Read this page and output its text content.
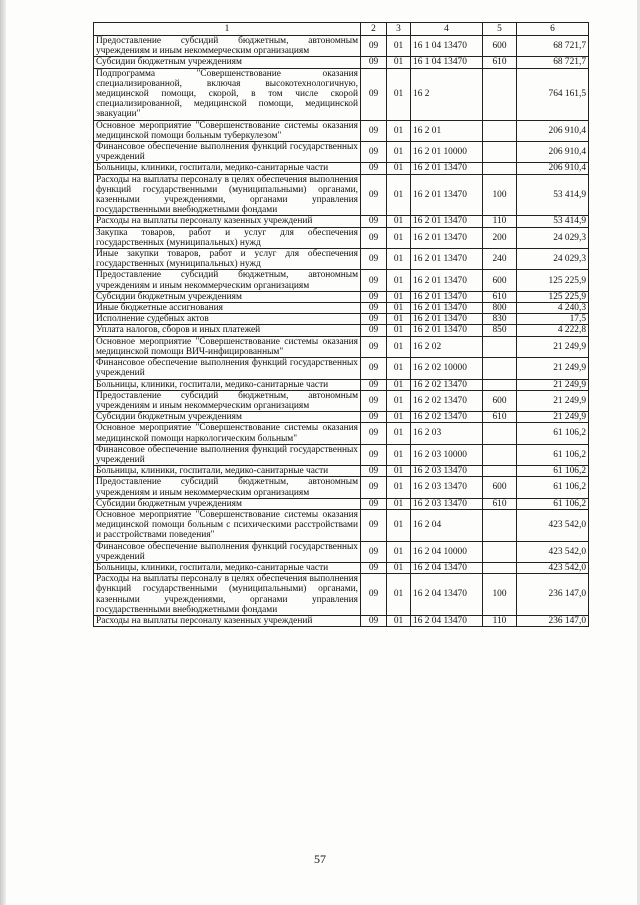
1	2	3	4	5	6
Предоставление субсидий бюджетным, автономным учреждениям и иным некоммерческим организациям	09	01	16 1 04 13470	600	68 721,7
Субсидии бюджетным учреждениям	09	01	16 1 04 13470	610	68 721,7
Подпрограмма "Совершенствование оказания специализированной, включая высокотехнологичную, медицинской помощи, скорой, в том числе скорой специализированной, медицинской помощи, медицинской эвакуации"	09	01	16 2		764 161,5
Основное мероприятие "Совершенствование системы оказания медицинской помощи больным туберкулезом"	09	01	16 2 01		206 910,4
Финансовое обеспечение выполнения функций государственных учреждений	09	01	16 2 01 10000		206 910,4
Больницы, клиники, госпитали, медико-санитарные части	09	01	16 2 01 13470		206 910,4
Расходы на выплаты персоналу в целях обеспечения выполнения функций государственными (муниципальными) органами, казенными учреждениями, органами управления государственными внебюджетными фондами	09	01	16 2 01 13470	100	53 414,9
Расходы на выплаты персоналу казенных учреждений	09	01	16 2 01 13470	110	53 414,9
Закупка товаров, работ и услуг для обеспечения государственных (муниципальных) нужд	09	01	16 2 01 13470	200	24 029,3
Иные закупки товаров, работ и услуг для обеспечения государственных (муниципальных) нужд	09	01	16 2 01 13470	240	24 029,3
Предоставление субсидий бюджетным, автономным учреждениям и иным некоммерческим организациям	09	01	16 2 01 13470	600	125 225,9
Субсидии бюджетным учреждениям	09	01	16 2 01 13470	610	125 225,9
Иные бюджетные ассигнования	09	01	16 2 01 13470	800	4 240,3
Исполнение судебных актов	09	01	16 2 01 13470	830	17,5
Уплата налогов, сборов и иных платежей	09	01	16 2 01 13470	850	4 222,8
Основное мероприятие "Совершенствование системы оказания медицинской помощи ВИЧ-инфицированным"	09	01	16 2 02		21 249,9
Финансовое обеспечение выполнения функций государственных учреждений	09	01	16 2 02 10000		21 249,9
Больницы, клиники, госпитали, медико-санитарные части	09	01	16 2 02 13470		21 249,9
Предоставление субсидий бюджетным, автономным учреждениям и иным некоммерческим организациям	09	01	16 2 02 13470	600	21 249,9
Субсидии бюджетным учреждениям	09	01	16 2 02 13470	610	21 249,9
Основное мероприятие "Совершенствование системы оказания медицинской помощи наркологическим больным"	09	01	16 2 03		61 106,2
Финансовое обеспечение выполнения функций государственных учреждений	09	01	16 2 03 10000		61 106,2
Больницы, клиники, госпитали, медико-санитарные части	09	01	16 2 03 13470		61 106,2
Предоставление субсидий бюджетным, автономным учреждениям и иным некоммерческим организациям	09	01	16 2 03 13470	600	61 106,2
Субсидии бюджетным учреждениям	09	01	16 2 03 13470	610	61 106,2
Основное мероприятие "Совершенствование системы оказания медицинской помощи больным с психическими расстройствами и расстройствами поведения"	09	01	16 2 04		423 542,0
Финансовое обеспечение выполнения функций государственных учреждений	09	01	16 2 04 10000		423 542,0
Больницы, клиники, госпитали, медико-санитарные части	09	01	16 2 04 13470		423 542,0
Расходы на выплаты персоналу в целях обеспечения выполнения функций государственными (муниципальными) органами, казенными учреждениями, органами управления государственными внебюджетными фондами	09	01	16 2 04 13470	100	236 147,0
Расходы на выплаты персоналу казенных учреждений	09	01	16 2 04 13470	110	236 147,0
57
